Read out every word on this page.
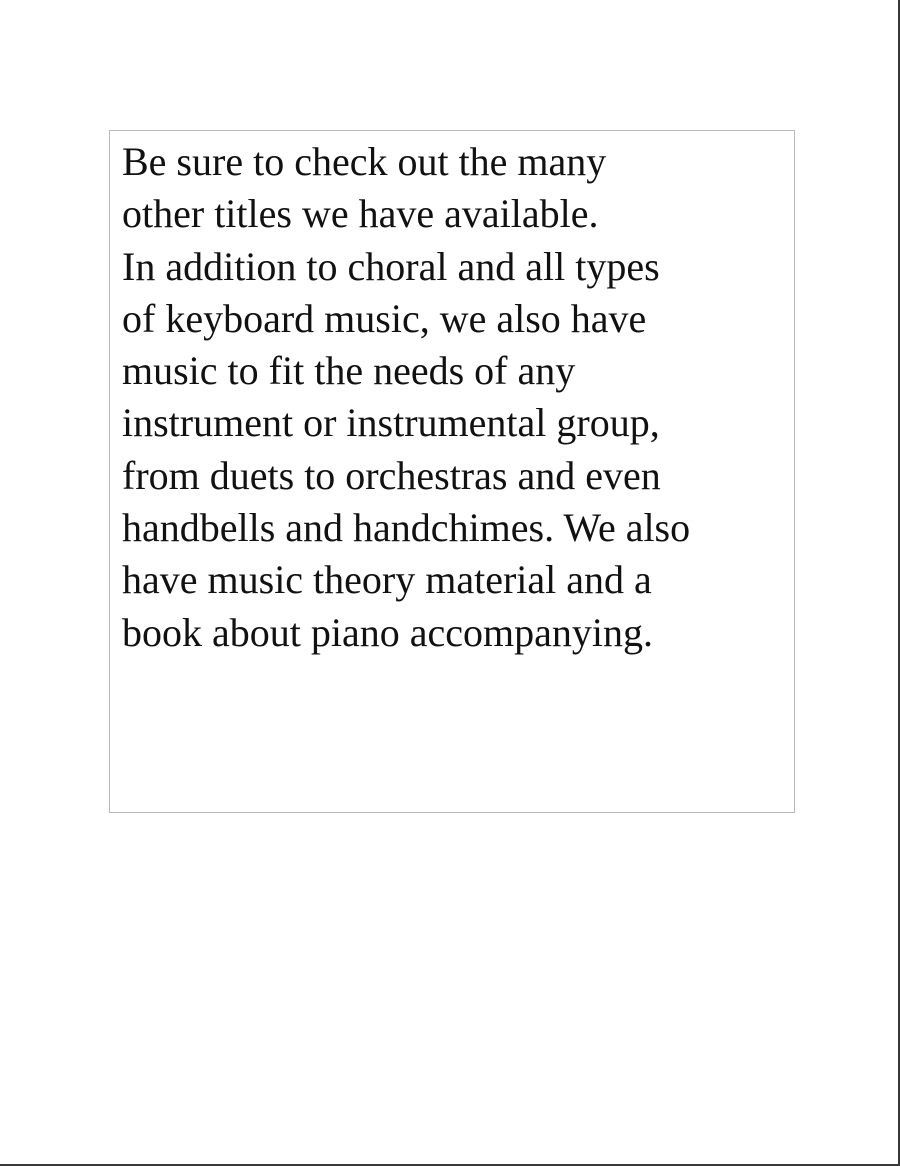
Be sure to check out the many
other titles we have available.
In addition to choral and all types
of keyboard music, we also have
music to fit the needs of any
instrument or instrumental group,
from duets to orchestras and even
handbells and handchimes. We also
have music theory material and a
book about piano accompanying.
